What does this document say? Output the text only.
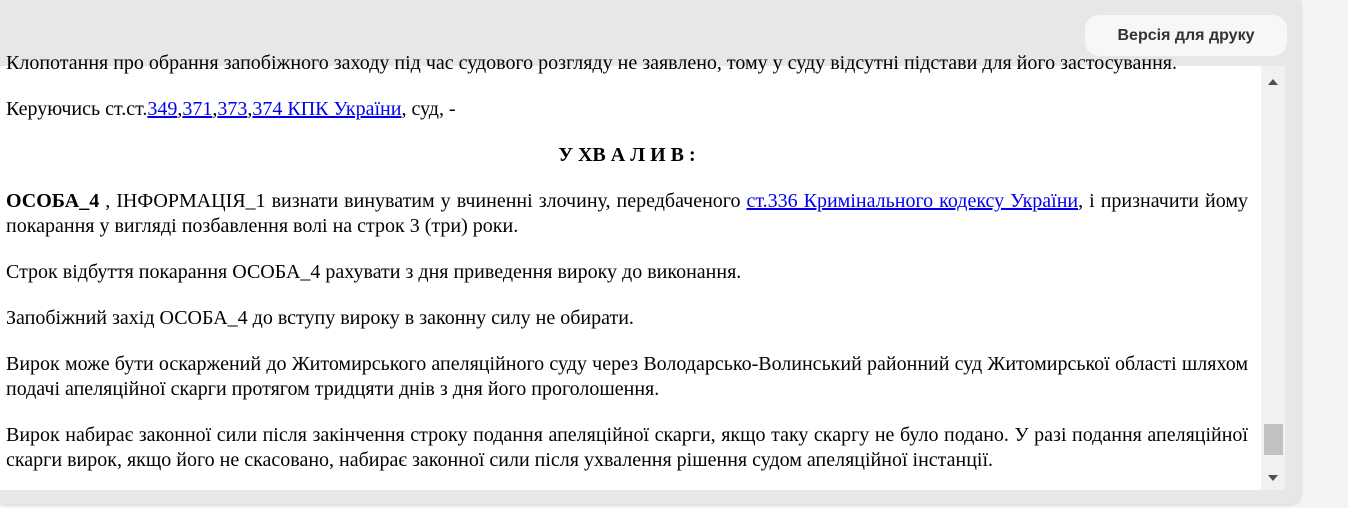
Версія для друку

Клопотання про обрання запобіжного заходу під час судового розгляду не заявлено, тому у суду відсутні підстави для його застосування.

Керуючись ст.ст.349,371,373,374 КПК України, суд, -

У ХВ А Л И В :

ОСОБА_4 , ІНФОРМАЦІЯ_1 визнати винуватим у вчиненні злочину, передбаченого ст.336 Кримінального кодексу України, і призначити йому покарання у вигляді позбавлення волі на строк 3 (три) роки.

Строк відбуття покарання ОСОБА_4 рахувати з дня приведення вироку до виконання.

Запобіжний захід ОСОБА_4 до вступу вироку в законну силу не обирати.

Вирок може бути оскаржений до Житомирського апеляційного суду через Володарсько-Волинський районний суд Житомирської області шляхом подачі апеляційної скарги протягом тридцяти днів з дня його проголошення.

Вирок набирає законної сили після закінчення строку подання апеляційної скарги, якщо таку скаргу не було подано. У разі подання апеляційної скарги вирок, якщо його не скасовано, набирає законної сили після ухвалення рішення судом апеляційної інстанції.
